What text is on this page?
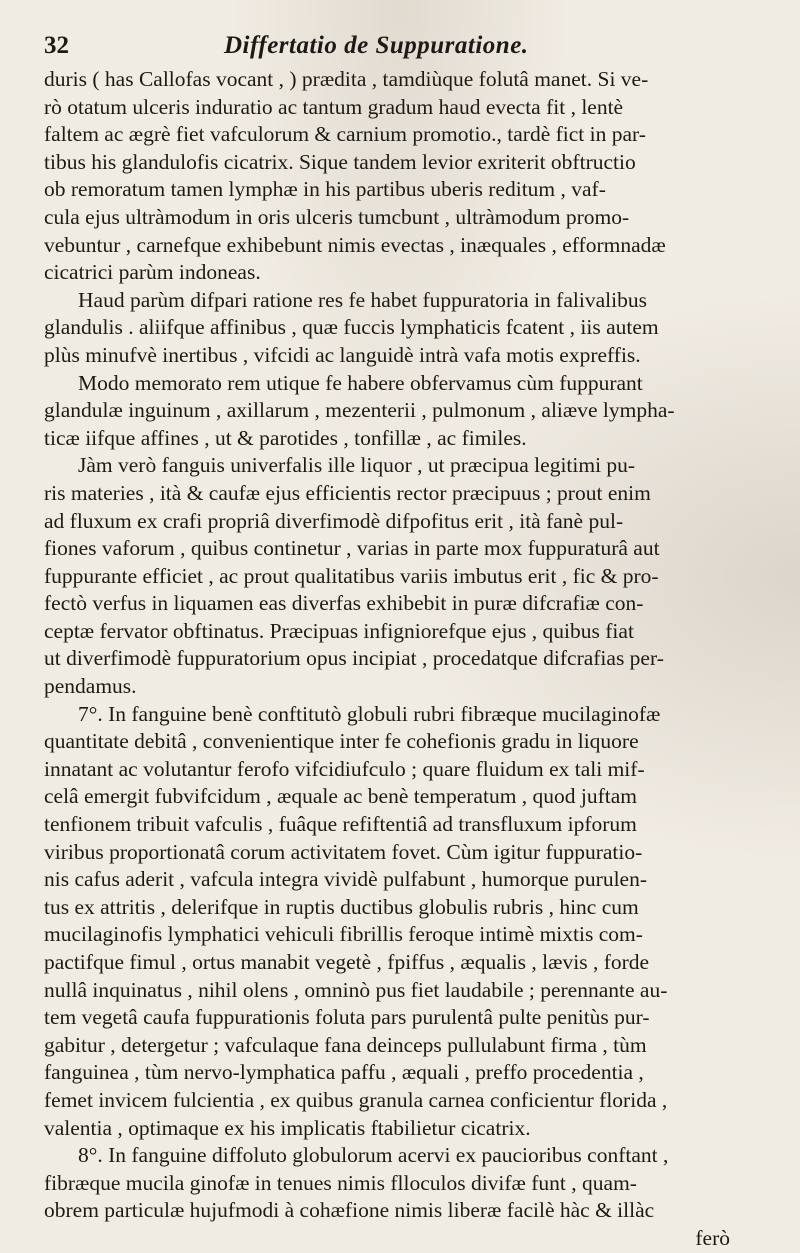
32	Differtatio de Suppuratione.
duris ( has Callofas vocant , ) prædita , tamdiùque folutâ manet. Si ve-
rò otatum ulceris induratio ac tantum gradum haud evecta fit , lentè
faltem ac ægrè fiet vafculorum & carnium promotio., tardè fict in par-
tibus his glandulofis cicatrix. Sique tandem levior exriterit obftructio
ob remoratum tamen lymphæ in his partibus uberis reditum , vaf-
cula ejus ultràmodum in oris ulceris tumcbunt , ultràmodum promo-
vebuntur , carnefque exhibebunt nimis evectas , inæquales , efformnadæ
cicatrici parùm indoneas.
Haud parùm difpari ratione res fe habet fuppuratoria in falivalibus
glandulis . aliifque affinibus , quæ fuccis lymphaticis fcatent , iis autem
plùs minufvè inertibus , vifcidi ac languidè intrà vafa motis expreffis.
Modo memorato rem utique fe habere obfervamus cùm fuppurant
glandulæ inguinum , axillarum , mezenterii , pulmonum , aliæve lympha-
ticæ iifque affines , ut & parotides , tonfillæ , ac fimiles.
Jàm verò fanguis univerfalis ille liquor , ut præcipua legitimi pu-
ris materies , ità & caufæ ejus efficientis rector præcipuus ; prout enim
ad fluxum ex crafi propriâ diverfimodè difpofitus erit , ità fanè pul-
fiones vaforum , quibus continetur , varias in parte mox fuppuraturâ aut
fuppurante efficiet , ac prout qualitatibus variis imbutus erit , fic & pro-
fectò verfus in liquamen eas diverfas exhibebit in puræ difcrafiæ con-
ceptæ fervator obftinatus. Præcipuas infigniorefque ejus , quibus fiat
ut diverfimodè fuppuratorium opus incipiat , procedatque difcrafias per-
pendamus.
7°. In fanguine benè conftitutò globuli rubri fibræque mucilaginofæ
quantitate debitâ , convenientique inter fe cohefionis gradu in liquore
innatant ac volutantur ferofo vifcidiufculo ; quare fluidum ex tali mif-
celâ emergit fubvifcidum , æquale ac benè temperatum , quod juftam
tenfionem tribuit vafculis , fuâque refiftentiâ ad transfluxum ipforum
viribus proportionatâ corum activitatem fovet. Cùm igitur fuppuratio-
nis cafus aderit , vafcula integra vividè pulfabunt , humorque purulen-
tus ex attritis , delerifque in ruptis ductibus globulis rubris , hinc cum
mucilaginofis lymphatici vehiculi fibrillis feroque intimè mixtis com-
pactifque fimul , ortus manabit vegetè , fpiffus , æqualis , lævis , forde
nullâ inquinatus , nihil olens , omninò pus fiet laudabile ; perennante au-
tem vegetâ caufa fuppurationis foluta pars purulentâ pulte penitùs pur-
gabitur , detergetur ; vafculaque fana deinceps pullulabunt firma , tùm
fanguinea , tùm nervo-lymphatica paffu , æquali , preffo procedentia ,
femet invicem fulcientia , ex quibus granula carnea conficientur florida ,
valentia , optimaque ex his implicatis ftabilietur cicatrix.
8°. In fanguine diffoluto globulorum acervi ex paucioribus conftant ,
fibræque mucila ginofæ in tenues nimis flloculos divifæ funt , quam-
obrem particulæ hujufmodi à cohæfione nimis liberæ facilè hàc & illàc
ferò
